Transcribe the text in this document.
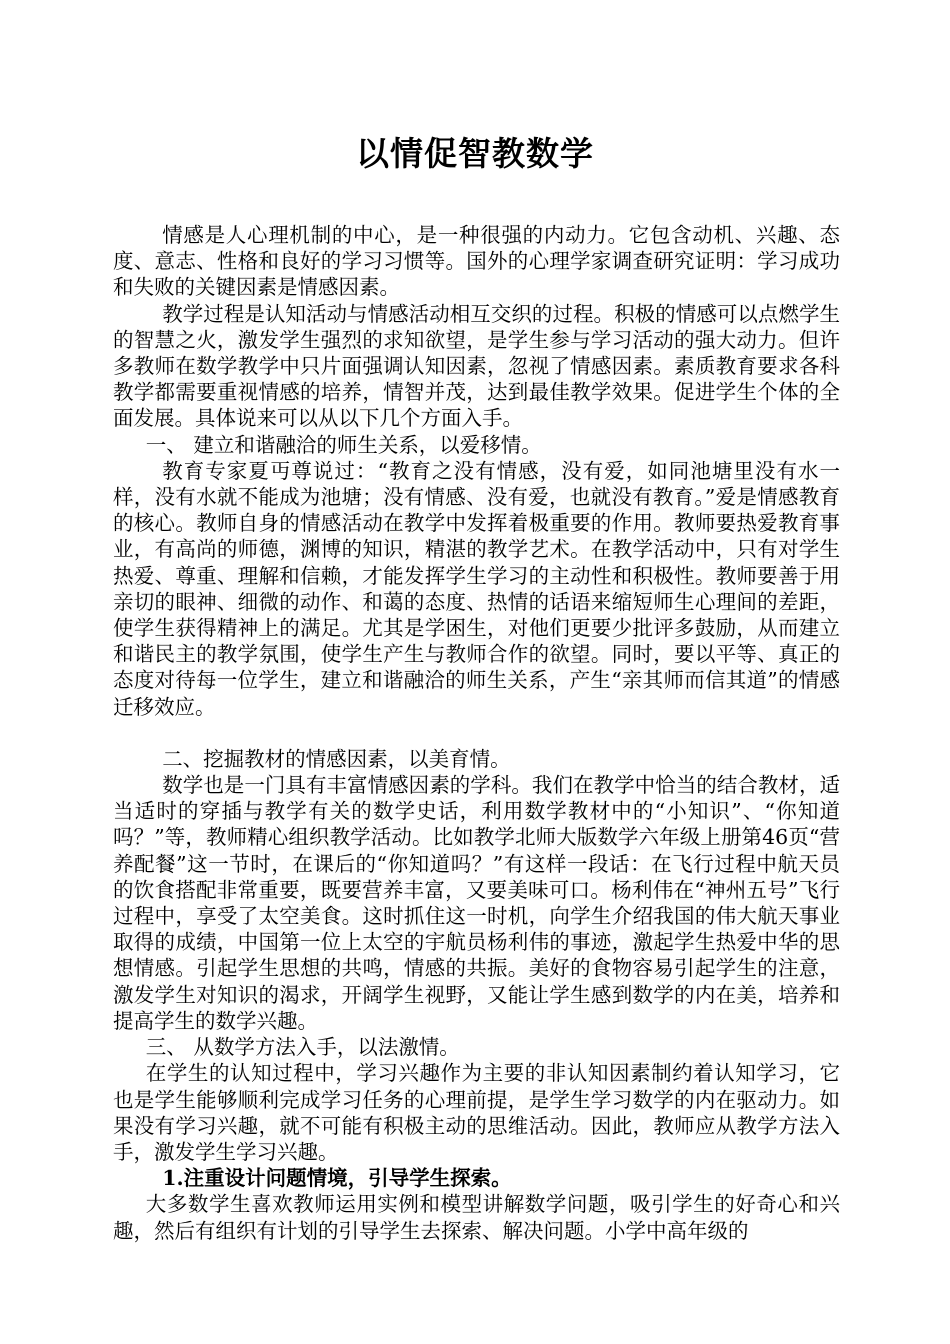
以情促智教数学

情感是人心理机制的中心，是一种很强的内动力。它包含动机、兴趣、态度、意志、性格和良好的学习习惯等。国外的心理学家调查研究证明：学习成功和失败的关键因素是情感因素。

教学过程是认知活动与情感活动相互交织的过程。积极的情感可以点燃学生的智慧之火，激发学生强烈的求知欲望，是学生参与学习活动的强大动力。但许多教师在数学教学中只片面强调认知因素，忽视了情感因素。素质教育要求各科教学都需要重视情感的培养，情智并茂，达到最佳教学效果。促进学生个体的全面发展。具体说来可以从以下几个方面入手。

一、 建立和谐融洽的师生关系，以爱移情。

教育专家夏丏尊说过：“教育之没有情感，没有爱，如同池塘里没有水一样，没有水就不能成为池塘；没有情感、没有爱，也就没有教育。”爱是情感教育的核心。教师自身的情感活动在教学中发挥着极重要的作用。教师要热爱教育事业，有高尚的师德，渊博的知识，精湛的教学艺术。在教学活动中，只有对学生热爱、尊重、理解和信赖，才能发挥学生学习的主动性和积极性。教师要善于用亲切的眼神、细微的动作、和蔼的态度、热情的话语来缩短师生心理间的差距，使学生获得精神上的满足。尤其是学困生，对他们更要少批评多鼓励，从而建立和谐民主的教学氛围，使学生产生与教师合作的欲望。同时，要以平等、真正的态度对待每一位学生，建立和谐融洽的师生关系，产生“亲其师而信其道”的情感迁移效应。

二、挖掘教材的情感因素，以美育情。

数学也是一门具有丰富情感因素的学科。我们在教学中恰当的结合教材，适当适时的穿插与教学有关的数学史话，利用数学教材中的“小知识”、“你知道吗？”等，教师精心组织教学活动。比如教学北师大版数学六年级上册第46页“营养配餐”这一节时，在课后的“你知道吗？”有这样一段话：在飞行过程中航天员的饮食搭配非常重要，既要营养丰富，又要美味可口。杨利伟在“神州五号”飞行过程中，享受了太空美食。这时抓住这一时机，向学生介绍我国的伟大航天事业取得的成绩，中国第一位上太空的宇航员杨利伟的事迹，激起学生热爱中华的思想情感。引起学生思想的共鸣，情感的共振。美好的食物容易引起学生的注意，激发学生对知识的渴求，开阔学生视野，又能让学生感到数学的内在美，培养和提高学生的数学兴趣。

三、 从数学方法入手，以法激情。

在学生的认知过程中，学习兴趣作为主要的非认知因素制约着认知学习，它也是学生能够顺利完成学习任务的心理前提，是学生学习数学的内在驱动力。如果没有学习兴趣，就不可能有积极主动的思维活动。因此，教师应从教学方法入手，激发学生学习兴趣。

1.注重设计问题情境，引导学生探索。

大多数学生喜欢教师运用实例和模型讲解数学问题，吸引学生的好奇心和兴趣，然后有组织有计划的引导学生去探索、解决问题。小学中高年级的
